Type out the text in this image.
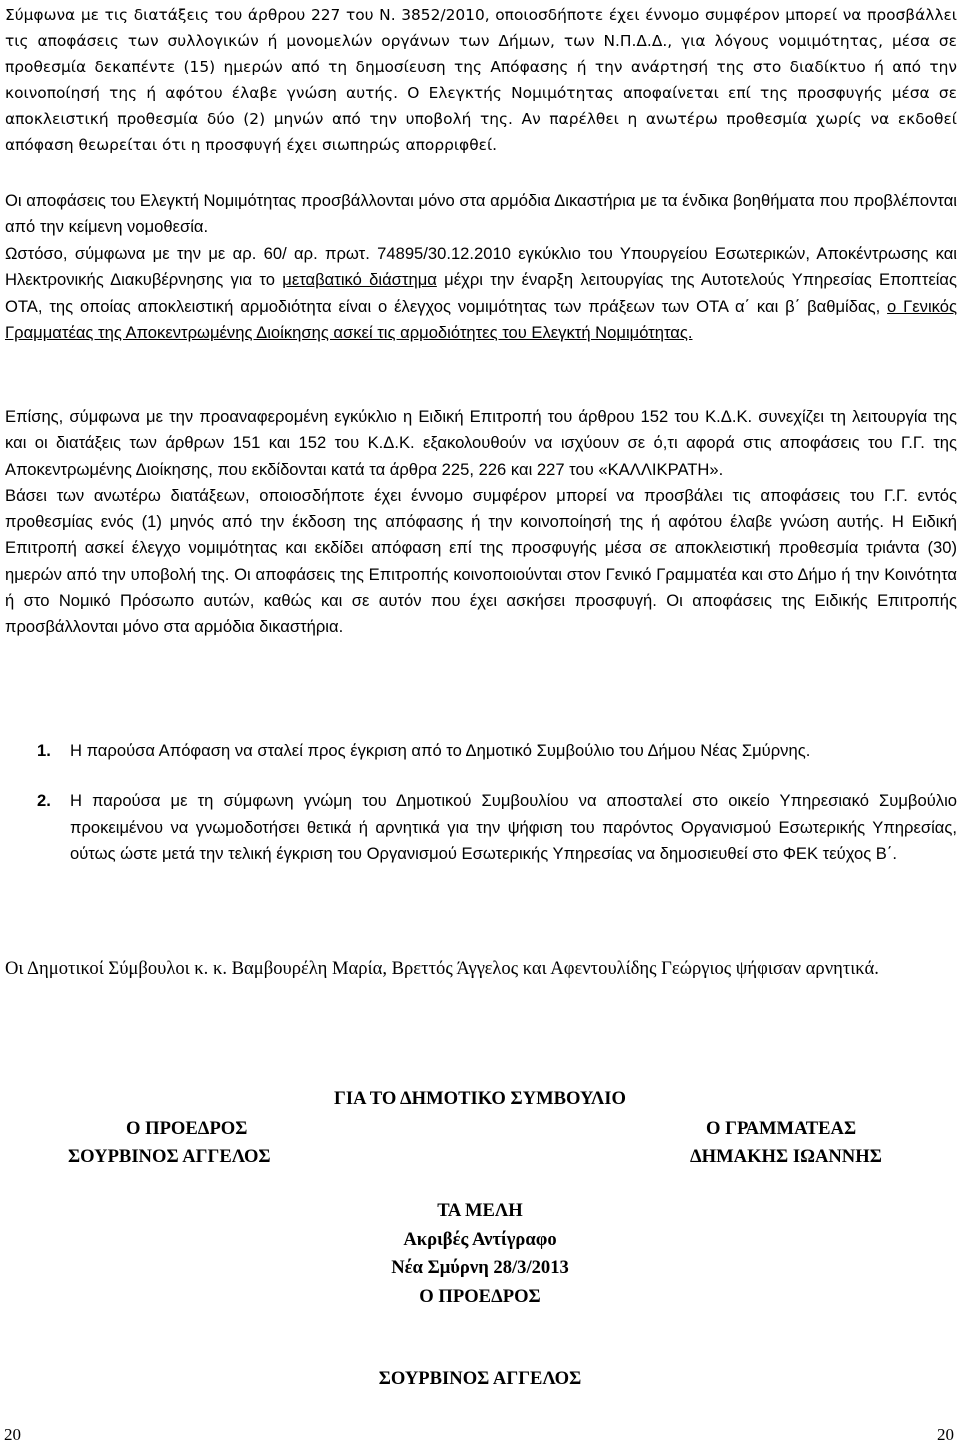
Σύμφωνα με τις διατάξεις του άρθρου 227 του Ν. 3852/2010, οποιοσδήποτε έχει έννομο συμφέρον μπορεί να προσβάλλει τις αποφάσεις των συλλογικών ή μονομελών οργάνων των Δήμων, των Ν.Π.Δ.Δ., για λόγους νομιμότητας, μέσα σε προθεσμία δεκαπέντε (15) ημερών από τη δημοσίευση της Απόφασης ή την ανάρτησή της στο διαδίκτυο ή από την κοινοποίησή της ή αφότου έλαβε γνώση αυτής. Ο Ελεγκτής Νομιμότητας αποφαίνεται επί της προσφυγής μέσα σε αποκλειστική προθεσμία δύο (2) μηνών από την υποβολή της. Αν παρέλθει η ανωτέρω προθεσμία χωρίς να εκδοθεί απόφαση θεωρείται ότι η προσφυγή έχει σιωπηρώς απορριφθεί.

Οι αποφάσεις του Ελεγκτή Νομιμότητας προσβάλλονται μόνο στα αρμόδια Δικαστήρια με τα ένδικα βοηθήματα που προβλέπονται από την κείμενη νομοθεσία.

Ωστόσο, σύμφωνα με την με αρ. 60/ αρ. πρωτ. 74895/30.12.2010 εγκύκλιο του Υπουργείου Εσωτερικών, Αποκέντρωσης και Ηλεκτρονικής Διακυβέρνησης για το μεταβατικό διάστημα μέχρι την έναρξη λειτουργίας της Αυτοτελούς Υπηρεσίας Εποπτείας ΟΤΑ, της οποίας αποκλειστική αρμοδιότητα είναι ο έλεγχος νομιμότητας των πράξεων των ΟΤΑ α΄ και β΄ βαθμίδας, ο Γενικός Γραμματέας της Αποκεντρωμένης Διοίκησης ασκεί τις αρμοδιότητες του Ελεγκτή Νομιμότητας.

Επίσης, σύμφωνα με την προαναφερομένη εγκύκλιο η Ειδική Επιτροπή του άρθρου 152 του Κ.Δ.Κ. συνεχίζει τη λειτουργία της και οι διατάξεις των άρθρων 151 και 152 του Κ.Δ.Κ. εξακολουθούν να ισχύουν σε ό,τι αφορά στις αποφάσεις του Γ.Γ. της Αποκεντρωμένης Διοίκησης, που εκδίδονται κατά τα άρθρα 225, 226 και 227 του «ΚΑΛΛΙΚΡΑΤΗ».

Βάσει των ανωτέρω διατάξεων, οποιοσδήποτε έχει έννομο συμφέρον μπορεί να προσβάλει τις αποφάσεις του Γ.Γ. εντός προθεσμίας ενός (1) μηνός από την έκδοση της απόφασης ή την κοινοποίησή της ή αφότου έλαβε γνώση αυτής. Η Ειδική Επιτροπή ασκεί έλεγχο νομιμότητας και εκδίδει απόφαση επί της προσφυγής μέσα σε αποκλειστική προθεσμία τριάντα (30) ημερών από την υποβολή της. Οι αποφάσεις της Επιτροπής κοινοποιούνται στον Γενικό Γραμματέα και στο Δήμο ή την Κοινότητα ή στο Νομικό Πρόσωπο αυτών, καθώς και σε αυτόν που έχει ασκήσει προσφυγή. Οι αποφάσεις της Ειδικής Επιτροπής προσβάλλονται μόνο στα αρμόδια δικαστήρια.

1. Η παρούσα Απόφαση να σταλεί προς έγκριση από το Δημοτικό Συμβούλιο του Δήμου Νέας Σμύρνης.
2. Η παρούσα με τη σύμφωνη γνώμη του Δημοτικού Συμβουλίου να αποσταλεί στο οικείο Υπηρεσιακό Συμβούλιο προκειμένου να γνωμοδοτήσει θετικά ή αρνητικά για την ψήφιση του παρόντος Οργανισμού Εσωτερικής Υπηρεσίας, ούτως ώστε μετά την τελική έγκριση του Οργανισμού Εσωτερικής Υπηρεσίας να δημοσιευθεί στο ΦΕΚ τεύχος Β΄.
Οι Δημοτικοί Σύμβουλοι κ. κ. Βαμβουρέλη Μαρία, Βρεττός Άγγελος και Αφεντουλίδης Γεώργιος ψήφισαν αρνητικά.
ΓΙΑ ΤΟ ΔΗΜΟΤΙΚΟ ΣΥΜΒΟΥΛΙΟ
Ο ΠΡΟΕΔΡΟΣ	Ο ΓΡΑΜΜΑΤΕΑΣ
ΣΟΥΡΒΙΝΟΣ ΑΓΓΕΛΟΣ	ΔΗΜΑΚΗΣ ΙΩΑΝΝΗΣ
ΤΑ ΜΕΛΗ
Ακριβές Αντίγραφο
Νέα Σμύρνη 28/3/2013
Ο ΠΡΟΕΔΡΟΣ
ΣΟΥΡΒΙΝΟΣ ΑΓΓΕΛΟΣ
20	20
